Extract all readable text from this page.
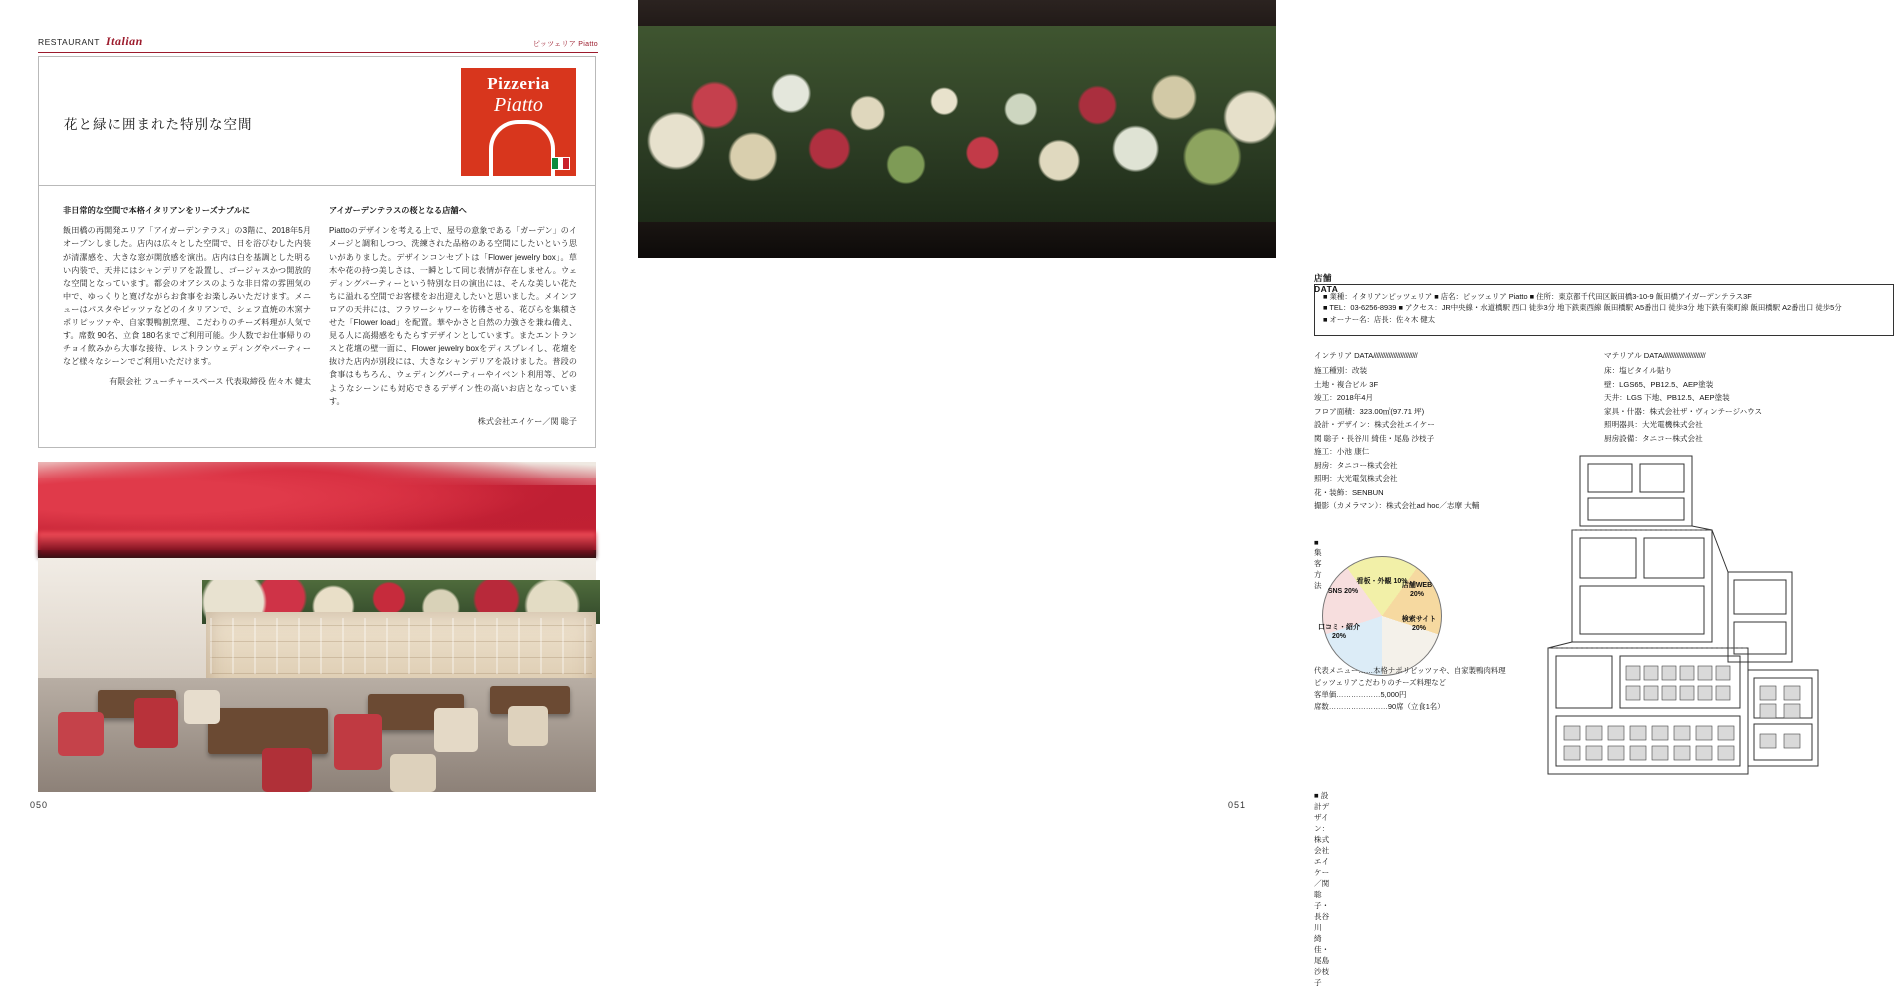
RESTAURANT Italian	ピッツェリア Piatto
花と緑に囲まれた特別な空間
Pizzeria
Piatto
非日常的な空間で本格イタリアンをリーズナブルに
飯田橋の再開発エリア「アイガーデンテラス」の3階に、2018年5月オープンしました。店内は広々とした空間で、日を浴びむした内装が清潔感を、大きな窓が開放感を演出。店内は白を基調とした明るい内装で、天井にはシャンデリアを設置し、ゴージャスかつ開放的な空間となっています。都会のオアシスのような非日常の雰囲気の中で、ゆっくりと寛げながらお食事をお楽しみいただけます。メニューはパスタやピッツァなどのイタリアンで、シェフ直焼の木窯ナポリピッツァや、自家製鴨割烹理、こだわりのチーズ料理が人気です。席数 90名、立食 180名までご利用可能。少人数でお仕事帰りのチョイ飲みから大事な接待、レストランウェディングやパーティーなど様々なシーンでご利用いただけます。
有限会社 フューチャースペース 代表取締役 佐々木 健太
アイガーデンテラスの桜となる店舗へ
Piattoのデザインを考える上で、屋号の意象である「ガーデン」のイメージと調和しつつ、洗練された品格のある空間にしたいという思いがありました。デザインコンセプトは「Flower jewelry box」。草木や花の持つ美しさは、一瞬として同じ表情が存在しません。ウェディングパーティーという特別な日の演出には、そんな美しい花たちに溢れる空間でお客様をお出迎えしたいと思いました。メインフロアの天井には、フラワーシャワーを彷彿させる、花びらを集積させた「Flower load」を配置。華やかさと自然の力強さを兼ね備え、見る人に高揚感をもたらすデザインとしています。またエントランスと花壇の壁一面に、Flower jewelry boxをディスプレイし、花壇を抜けた店内が別段には、大きなシャンデリアを設けました。普段の食事はもちろん、ウェディングパーティーやイベント利用等、どのようなシーンにも対応できるデザイン性の高いお店となっています。
株式会社エイケー／関 聡子
050
店舗DATA
■ 業種：イタリアンピッツェリア ■ 店名：ピッツェリア Piatto ■ 住所：東京都千代田区飯田橋3-10-9 飯田橋アイガーデンテラス3F
■ TEL：03-6256-8939 ■ アクセス：JR中央線・水道橋駅 西口 徒歩3分 地下鉄東西線 飯田橋駅 A5番出口 徒歩3分 地下鉄有楽町線 飯田橋駅 A2番出口 徒歩5分
■ オーナー名：店長：佐々木 健太
インテリア DATA//////////////////////////
施工種別：改装
土地・複合ビル 3F
竣工：2018年4月
フロア面積：323.00㎡(97.71 坪)
設計・デザイン：株式会社エイケー
関 聡子・長谷川 綺佳・尾島 沙枝子
施工：小池 康仁
厨房：タニコー株式会社
照明：大光電気株式会社
花・装飾：SENBUN
撮影（カメラマン）：株式会社ad hoc／志摩 大輔
マテリアル DATA/////////////////////////
床：塩ビタイル貼り
壁：LGS65、PB12.5、AEP塗装
天井：LGS 下地、PB12.5、AEP塗装
家具・什器：株式会社ザ・ヴィンテージハウス
照明器具：大光電機株式会社
厨房設備：タニコー株式会社
■ 集客方法	看板・外観 10%
店舗WEB 20%
検索サイト 20%
口コミ・紹介 20%
SNS 20%
代表メニュー……本格ナポリピッツァや、自家製鴨肉料理
ピッツェリアこだわりのチーズ料理など
客単価………………5,000円
席数……………………90席（立食1名）
■ 設計デザイン：株式会社エイケー／関 聡子・長谷川 綺佳・尾島 沙枝子
051
